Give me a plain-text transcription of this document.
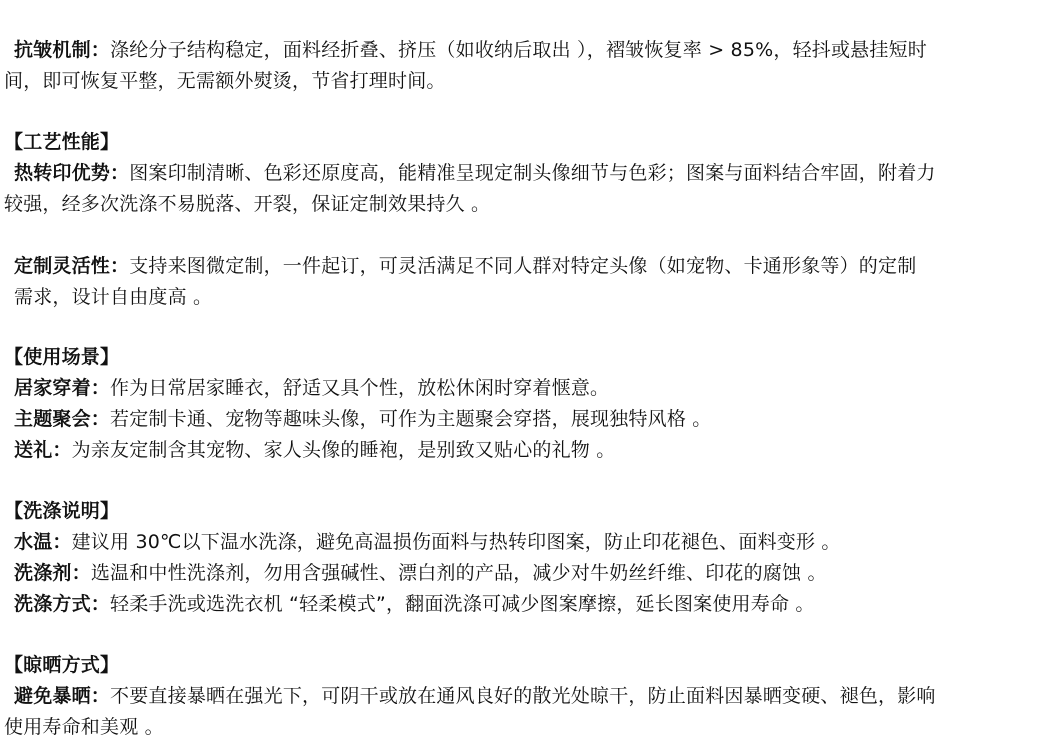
抗皱机制：涤纶分子结构稳定，面料经折叠、挤压（如收纳后取出 ），褶皱恢复率 > 85%，轻抖或悬挂短时
间，即可恢复平整，无需额外熨烫，节省打理时间。
【工艺性能】
热转印优势：图案印制清晰、色彩还原度高，能精准呈现定制头像细节与色彩；图案与面料结合牢固，附着力
较强，经多次洗涤不易脱落、开裂，保证定制效果持久 。
定制灵活性：支持来图微定制，一件起订，可灵活满足不同人群对特定头像（如宠物、卡通形象等）的定制
需求，设计自由度高 。
【使用场景】
居家穿着：作为日常居家睡衣，舒适又具个性，放松休闲时穿着惬意。
主题聚会：若定制卡通、宠物等趣味头像，可作为主题聚会穿搭，展现独特风格 。
送礼：为亲友定制含其宠物、家人头像的睡袍，是别致又贴心的礼物 。
【洗涤说明】
水温：建议用 30℃以下温水洗涤，避免高温损伤面料与热转印图案，防止印花褪色、面料变形 。
洗涤剂：选温和中性洗涤剂，勿用含强碱性、漂白剂的产品，减少对牛奶丝纤维、印花的腐蚀 。
洗涤方式：轻柔手洗或选洗衣机 “轻柔模式”，翻面洗涤可减少图案摩擦，延长图案使用寿命 。
【晾晒方式】
避免暴晒：不要直接暴晒在强光下，可阴干或放在通风良好的散光处晾干，防止面料因暴晒变硬、褪色，影响
使用寿命和美观 。
